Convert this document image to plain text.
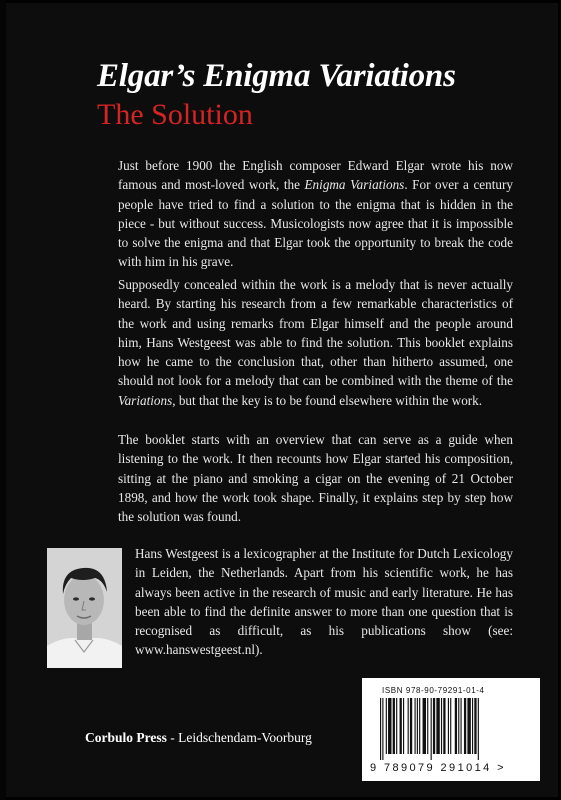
Elgar’s Enigma Variations
The Solution
Just before 1900 the English composer Edward Elgar wrote his now famous and most-loved work, the Enigma Variations. For over a century people have tried to find a solution to the enigma that is hidden in the piece - but without success. Musicologists now agree that it is impossible to solve the enigma and that Elgar took the opportunity to break the code with him in his grave.
Supposedly concealed within the work is a melody that is never actually heard. By starting his research from a few remarkable characteristics of the work and using remarks from Elgar himself and the people around him, Hans Westgeest was able to find the solution. This booklet explains how he came to the conclusion that, other than hitherto assumed, one should not look for a melody that can be combined with the theme of the Variations, but that the key is to be found elsewhere within the work.
The booklet starts with an overview that can serve as a guide when listening to the work. It then recounts how Elgar started his composition, sitting at the piano and smoking a cigar on the evening of 21 October 1898, and how the work took shape. Finally, it explains step by step how the solution was found.
Hans Westgeest is a lexicographer at the Institute for Dutch Lexicology in Leiden, the Netherlands. Apart from his scientific work, he has always been active in the research of music and early literature. He has been able to find the definite answer to more than one question that is recognised as difficult, as his publications show (see: www.hanswestgeest.nl).
Corbulo Press - Leidschendam-Voorburg
ISBN 978-90-79291-01-4
9 789079 291014 >
